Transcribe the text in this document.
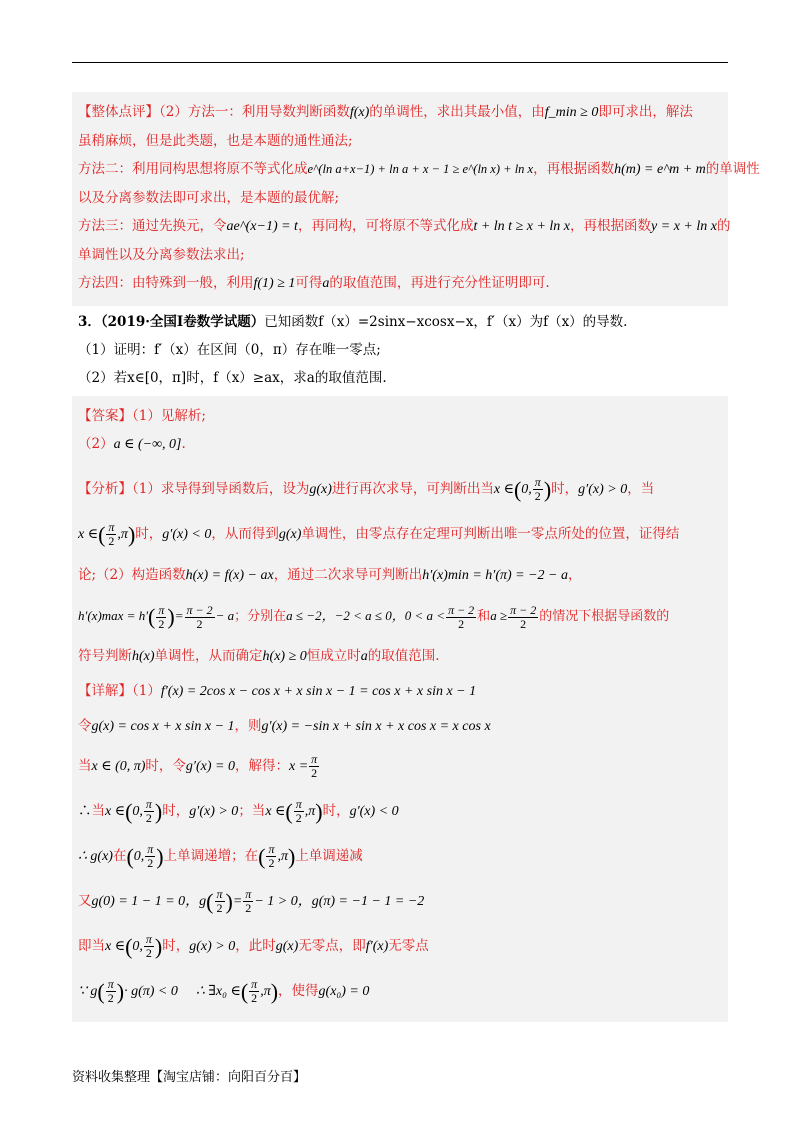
【整体点评】（2）方法一：利用导数判断函数f(x)的单调性，求出其最小值，由f_min ≥ 0即可求出，解法
虽稍麻烦，但是此类题，也是本题的通性通法;
方法二：利用同构思想将原不等式化成e^(ln a+x−1) + ln a + x − 1 ≥ e^(ln x) + ln x，再根据函数h(m) = e^m + m的单调性
以及分离参数法即可求出，是本题的最优解;
方法三：通过先换元，令ae^(x−1) = t，再同构，可将原不等式化成t + ln t ≥ x + ln x，再根据函数y = x + ln x的
单调性以及分离参数法求出;
方法四：由特殊到一般，利用f(1) ≥ 1可得a的取值范围，再进行充分性证明即可.
3．（2019·全国Ⅰ卷数学试题）已知函数f（x）=2sinx−xcosx−x，f′（x）为f（x）的导数.
（1）证明：f′（x）在区间（0，π）存在唯一零点;
（2）若x∈[0，π]时，f（x）≥ax，求a的取值范围.
【答案】（1）见解析;
（2）a ∈ (−∞, 0].
【分析】（1）求导得到导函数后，设为g(x)进行再次求导，可判断出当x ∈(0, $\frac{\pi}{2}$ )时，g′(x) > 0，当
x ∈( $\frac{\pi}{2} ,\pi$)时，g′(x) < 0，从而得到g(x)单调性，由零点存在定理可判断出唯一零点所处的位置，证得结
论;（2）构造函数h(x) = f(x) − ax，通过二次求导可判断出h′(x)min = h′(π) = −2 − a，
$h'(x)\max = h'( \frac{\pi}{2}$ )= $\frac{\pi - 2}{2} - a$；分别在a ≤ −2，−2 < a ≤ 0，$0 < a < \frac{\pi - 2}{2}$ 和$a \ge \frac{\pi - 2}{2}$ 的情况下根据导函数的
符号判断h(x)单调性，从而确定h(x) ≥ 0恒成立时a的取值范围.
【详解】（1）f′(x) = 2cos x − cos x + x sin x − 1 = cos x + x sin x − 1
令g(x) = cos x + x sin x − 1，则g′(x) = −sin x + sin x + x cos x = x cos x
当x ∈ (0, π)时，令g′(x) = 0，解得：$x = \frac{\pi}{2}$
∴当x ∈(0, $\frac{\pi}{2}$ )时，g′(x) > 0；当x ∈( $\frac{\pi}{2} ,\pi$)时，g′(x) < 0
∴ g(x)在(0, $\frac{\pi}{2}$ )上单调递增；在( $\frac{\pi}{2} ,\pi$)上单调递减
又g(0) = 1 − 1 = 0，$g( \frac{\pi}{2}$ )= $\frac{\pi}{2} - 1 > 0$，g(π) = −1 − 1 = −2
即当x ∈(0, $\frac{\pi}{2}$ )时，g(x) > 0，此时g(x)无零点，即f′(x)无零点
∵ $g( \frac{\pi}{2}$ )· g(π) < 0 ∴ ∃x₀ ∈( $\frac{\pi}{2} ,\pi$)，使得g(x₀) = 0
资料收集整理【淘宝店铺：向阳百分百】
